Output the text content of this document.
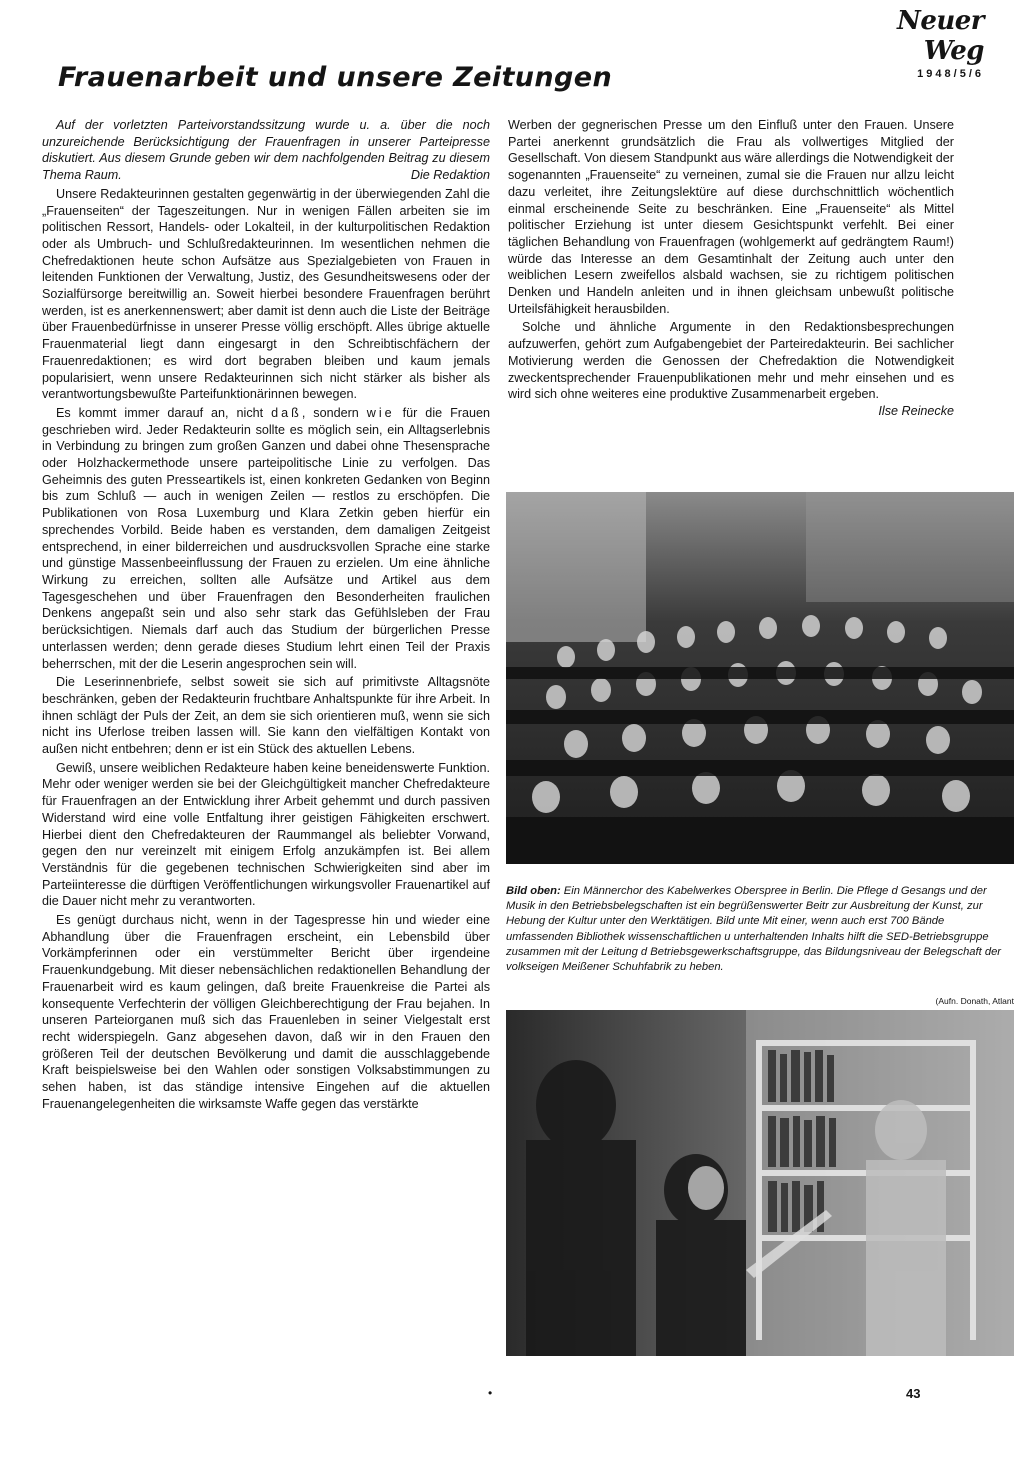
Neuer Weg
1948/5/6
Frauenarbeit und unsere Zeitungen

Auf der vorletzten Parteivorstandssitzung wurde u. a. über die noch unzureichende Berücksichtigung der Frauenfragen in unserer Parteipresse diskutiert. Aus diesem Grunde geben wir dem nachfolgenden Beitrag zu diesem Thema Raum.	Die Redaktion

Unsere Redakteurinnen gestalten gegenwärtig in der überwiegenden Zahl die „Frauenseiten“ der Tageszeitungen. Nur in wenigen Fällen arbeiten sie im politischen Ressort, Handels- oder Lokalteil, in der kulturpolitischen Redaktion oder als Umbruch- und Schlußredakteurinnen. Im wesentlichen nehmen die Chefredaktionen heute schon Aufsätze aus Spezialgebieten von Frauen in leitenden Funktionen der Verwaltung, Justiz, des Gesundheitswesens oder der Sozialfürsorge bereitwillig an. Soweit hierbei besondere Frauenfragen berührt werden, ist es anerkennenswert; aber damit ist denn auch die Liste der Beiträge über Frauenbedürfnisse in unserer Presse völlig erschöpft. Alles übrige aktuelle Frauenmaterial liegt dann eingesargt in den Schreibtischfächern der Frauenredaktionen; es wird dort begraben bleiben und kaum jemals popularisiert, wenn unsere Redakteurinnen sich nicht stärker als bisher als verantwortungsbewußte Parteifunktionärinnen bewegen.

Es kommt immer darauf an, nicht daß, sondern wie für die Frauen geschrieben wird. Jeder Redakteurin sollte es möglich sein, ein Alltagserlebnis in Verbindung zu bringen zum großen Ganzen und dabei ohne Thesensprache oder Holzhackermethode unsere parteipolitische Linie zu verfolgen. Das Geheimnis des guten Presseartikels ist, einen konkreten Gedanken von Beginn bis zum Schluß — auch in wenigen Zeilen — restlos zu erschöpfen. Die Publikationen von Rosa Luxemburg und Klara Zetkin geben hierfür ein sprechendes Vorbild. Beide haben es verstanden, dem damaligen Zeitgeist entsprechend, in einer bilderreichen und ausdrucksvollen Sprache eine starke und günstige Massenbeeinflussung der Frauen zu erzielen. Um eine ähnliche Wirkung zu erreichen, sollten alle Aufsätze und Artikel aus dem Tagesgeschehen und über Frauenfragen den Besonderheiten fraulichen Denkens angepaßt sein und also sehr stark das Gefühlsleben der Frau berücksichtigen. Niemals darf auch das Studium der bürgerlichen Presse unterlassen werden; denn gerade dieses Studium lehrt einen Teil der Praxis beherrschen, mit der die Leserin angesprochen sein will.

Die Leserinnenbriefe, selbst soweit sie sich auf primitivste Alltagsnöte beschränken, geben der Redakteurin fruchtbare Anhaltspunkte für ihre Arbeit. In ihnen schlägt der Puls der Zeit, an dem sie sich orientieren muß, wenn sie sich nicht ins Uferlose treiben lassen will. Sie kann den vielfältigen Kontakt von außen nicht entbehren; denn er ist ein Stück des aktuellen Lebens.

Gewiß, unsere weiblichen Redakteure haben keine beneidenswerte Funktion. Mehr oder weniger werden sie bei der Gleichgültigkeit mancher Chefredakteure für Frauenfragen an der Entwicklung ihrer Arbeit gehemmt und durch passiven Widerstand wird eine volle Entfaltung ihrer geistigen Fähigkeiten erschwert. Hierbei dient den Chefredakteuren der Raummangel als beliebter Vorwand, gegen den nur vereinzelt mit einigem Erfolg anzukämpfen ist. Bei allem Verständnis für die gegebenen technischen Schwierigkeiten sind aber im Parteiinteresse die dürftigen Veröffentlichungen wirkungsvoller Frauenartikel auf die Dauer nicht mehr zu verantworten.

Es genügt durchaus nicht, wenn in der Tagespresse hin und wieder eine Abhandlung über die Frauenfragen erscheint, ein Lebensbild über Vorkämpferinnen oder ein verstümmelter Bericht über irgendeine Frauenkundgebung. Mit dieser nebensächlichen redaktionellen Behandlung der Frauenarbeit wird es kaum gelingen, daß breite Frauenkreise die Partei als konsequente Verfechterin der völligen Gleichberechtigung der Frau bejahen. In unseren Parteiorganen muß sich das Frauenleben in seiner Vielgestalt erst recht widerspiegeln. Ganz abgesehen davon, daß wir in den Frauen den größeren Teil der deutschen Bevölkerung und damit die ausschlaggebende Kraft beispielsweise bei den Wahlen oder sonstigen Volksabstimmungen zu sehen haben, ist das ständige intensive Eingehen auf die aktuellen Frauenangelegenheiten die wirksamste Waffe gegen das verstärkte

Werben der gegnerischen Presse um den Einfluß unter den Frauen. Unsere Partei anerkennt grundsätzlich die Frau als vollwertiges Mitglied der Gesellschaft. Von diesem Standpunkt aus wäre allerdings die Notwendigkeit der sogenannten „Frauenseite“ zu verneinen, zumal sie die Frauen nur allzu leicht dazu verleitet, ihre Zeitungslektüre auf diese durchschnittlich wöchentlich einmal erscheinende Seite zu beschränken. Eine „Frauenseite“ als Mittel politischer Erziehung ist unter diesem Gesichtspunkt verfehlt. Bei einer täglichen Behandlung von Frauenfragen (wohlgemerkt auf gedrängtem Raum!) würde das Interesse an dem Gesamtinhalt der Zeitung auch unter den weiblichen Lesern zweifellos alsbald wachsen, sie zu richtigem politischen Denken und Handeln anleiten und in ihnen gleichsam unbewußt politische Urteilsfähigkeit herausbilden.

Solche und ähnliche Argumente in den Redaktionsbesprechungen aufzuwerfen, gehört zum Aufgabengebiet der Parteiredakteurin. Bei sachlicher Motivierung werden die Genossen der Chefredaktion die Notwendigkeit zweckentsprechender Frauenpublikationen mehr und mehr einsehen und es wird sich ohne weiteres eine produktive Zusammenarbeit ergeben.
Ilse Reinecke

Bild oben: Ein Männerchor des Kabelwerkes Oberspree in Berlin. Die Pflege d Gesangs und der Musik in den Betriebsbelegschaften ist ein begrüßenswerter Beitr zur Ausbreitung der Kunst, zur Hebung der Kultur unter den Werktätigen. Bild unte Mit einer, wenn auch erst 700 Bände umfassenden Bibliothek wissenschaftlichen u unterhaltenden Inhalts hilft die SED-Betriebsgruppe zusammen mit der Leitung d Betriebsgewerkschaftsgruppe, das Bildungsniveau der Belegschaft der volkseigen Meißener Schuhfabrik zu heben.

(Aufn. Donath, Atlant

•	43
